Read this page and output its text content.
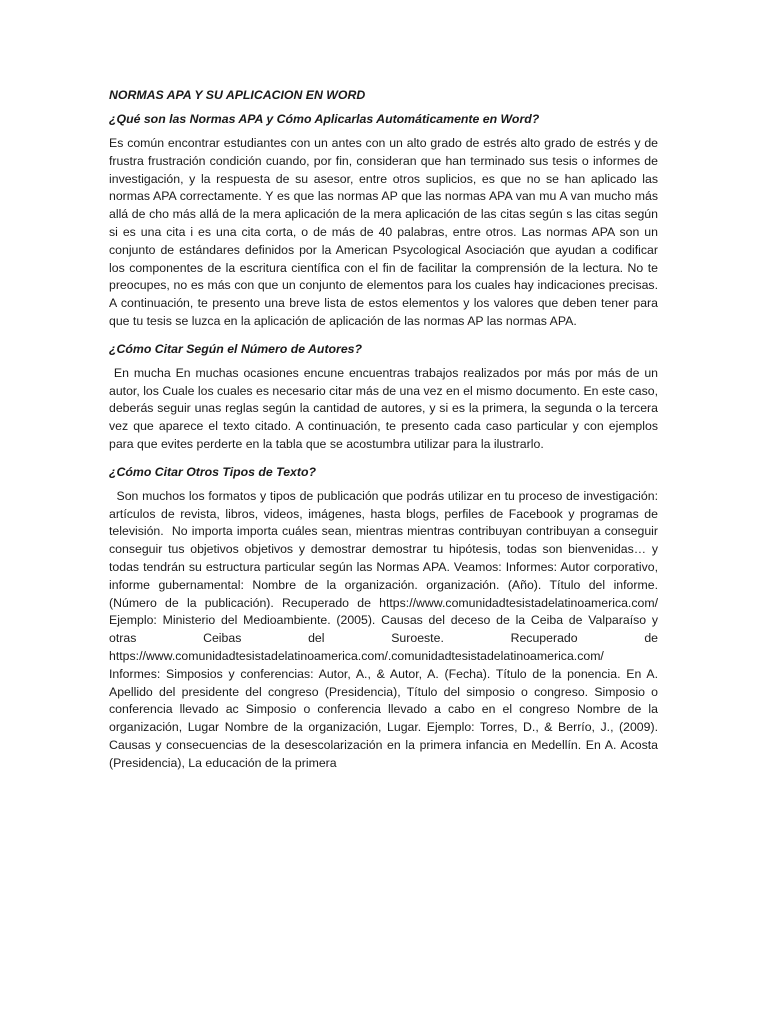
NORMAS APA Y SU APLICACION EN WORD

¿Qué son las Normas APA y Cómo Aplicarlas Automáticamente en Word?

Es común encontrar estudiantes con un antes con un alto grado de estrés alto grado de estrés y de frustra frustración condición cuando, por fin, consideran que han terminado sus tesis o informes de investigación, y la respuesta de su asesor, entre otros suplicios, es que no se han aplicado las normas APA correctamente. Y es que las normas AP que las normas APA van mu A van mucho más allá de cho más allá de la mera aplicación de la mera aplicación de las citas según s las citas según si es una cita i es una cita corta, o de más de 40 palabras, entre otros. Las normas APA son un conjunto de estándares definidos por la American Psycological Asociación que ayudan a codificar los componentes de la escritura científica con el fin de facilitar la comprensión de la lectura. No te preocupes, no es más con que un conjunto de elementos para los cuales hay indicaciones precisas. A continuación, te presento una breve lista de estos elementos y los valores que deben tener para que tu tesis se luzca en la aplicación de aplicación de las normas AP las normas APA.

¿Cómo Citar Según el Número de Autores?

En mucha En muchas ocasiones encune encuentras trabajos realizados por más por más de un autor, los Cuale los cuales es necesario citar más de una vez en el mismo documento. En este caso, deberás seguir unas reglas según la cantidad de autores, y si es la primera, la segunda o la tercera vez que aparece el texto citado. A continuación, te presento cada caso particular y con ejemplos para que evites perderte en la tabla que se acostumbra utilizar para la ilustrarlo.

¿Cómo Citar Otros Tipos de Texto?

Son muchos los formatos y tipos de publicación que podrás utilizar en tu proceso de investigación: artículos de revista, libros, videos, imágenes, hasta blogs, perfiles de Facebook y programas de televisión.  No importa importa cuáles sean, mientras mientras contribuyan contribuyan a conseguir conseguir tus objetivos objetivos y demostrar demostrar tu hipótesis, todas son bienvenidas… y todas tendrán su estructura particular según las Normas APA. Veamos: Informes: Autor corporativo, informe gubernamental: Nombre de la organización. organización. (Año). Título del informe. (Número de la publicación). Recuperado de https://www.comunidadtesistadelatinoamerica.com/ Ejemplo: Ministerio del Medioambiente. (2005). Causas del deceso de la Ceiba de Valparaíso y otras Ceibas del Suroeste. Recuperado de https://www.comunidadtesistadelatinoamerica.com/.comunidadtesistadelatinoamerica.com/ Informes: Simposios y conferencias: Autor, A., & Autor, A. (Fecha). Título de la ponencia. En A. Apellido del presidente del congreso (Presidencia), Título del simposio o congreso. Simposio o conferencia llevado ac Simposio o conferencia llevado a cabo en el congreso Nombre de la organización, Lugar Nombre de la organización, Lugar. Ejemplo: Torres, D., & Berrío, J., (2009). Causas y consecuencias de la desescolarización en la primera infancia en Medellín. En A. Acosta (Presidencia), La educación de la primera
